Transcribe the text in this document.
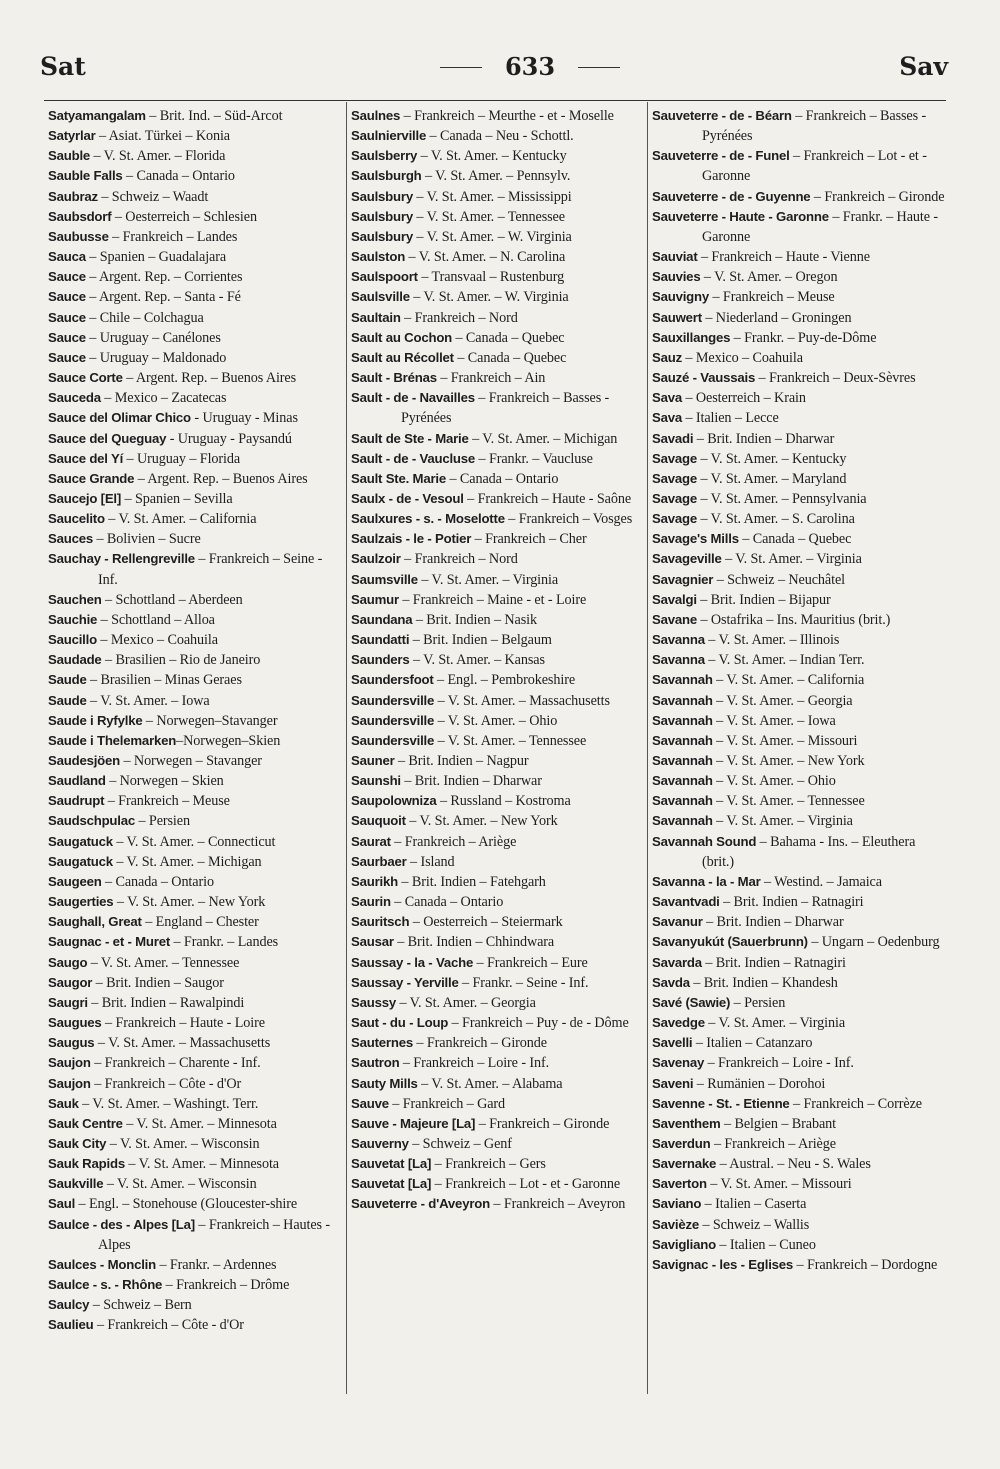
Sat	633	Sav
Satyamangalam – Brit. Ind. – Süd-Arcot
Satyrlar – Asiat. Türkei – Konia
Sauble – V. St. Amer. – Florida
Sauble Falls – Canada – Ontario
Saubraz – Schweiz – Waadt
Saubsdorf – Oesterreich – Schlesien
Saubusse – Frankreich – Landes
Sauca – Spanien – Guadalajara
Sauce – Argent. Rep. – Corrientes
Sauce – Argent. Rep. – Santa - Fé
Sauce – Chile – Colchagua
Sauce – Uruguay – Canélones
Sauce – Uruguay – Maldonado
Sauce Corte – Argent. Rep. – Buenos Aires
Sauceda – Mexico – Zacatecas
Sauce del Olimar Chico - Uruguay - Minas
Sauce del Queguay - Uruguay - Paysandú
Sauce del Yí – Uruguay – Florida
Sauce Grande – Argent. Rep. – Buenos Aires
Saucejo [El] – Spanien – Sevilla
Saucelito – V. St. Amer. – California
Sauces – Bolivien – Sucre
Sauchay - Rellengreville – Frankreich – Seine - Inf.
Sauchen – Schottland – Aberdeen
Sauchie – Schottland – Alloa
Saucillo – Mexico – Coahuila
Saudade – Brasilien – Rio de Janeiro
Saude – Brasilien – Minas Geraes
Saude – V. St. Amer. – Iowa
Saude i Ryfylke – Norwegen–Stavanger
Saude i Thelemarken–Norwegen–Skien
Saudesjöen – Norwegen – Stavanger
Saudland – Norwegen – Skien
Saudrupt – Frankreich – Meuse
Saudschpulac – Persien
Saugatuck – V. St. Amer. – Connecticut
Saugatuck – V. St. Amer. – Michigan
Saugeen – Canada – Ontario
Saugerties – V. St. Amer. – New York
Saughall, Great – England – Chester
Saugnac - et - Muret – Frankr. – Landes
Saugo – V. St. Amer. – Tennessee
Saugor – Brit. Indien – Saugor
Saugri – Brit. Indien – Rawalpindi
Saugues – Frankreich – Haute - Loire
Saugus – V. St. Amer. – Massachusetts
Saujon – Frankreich – Charente - Inf.
Saujon – Frankreich – Côte - d'Or
Sauk – V. St. Amer. – Washingt. Terr.
Sauk Centre – V. St. Amer. – Minnesota
Sauk City – V. St. Amer. – Wisconsin
Sauk Rapids – V. St. Amer. – Minnesota
Saukville – V. St. Amer. – Wisconsin
Saul – Engl. – Stonehouse (Gloucester-shire
Saulce - des - Alpes [La] – Frankreich – Hautes - Alpes
Saulces - Monclin – Frankr. – Ardennes
Saulce - s. - Rhône – Frankreich – Drôme
Saulcy – Schweiz – Bern
Saulieu – Frankreich – Côte - d'Or
Saulnes – Frankreich – Meurthe - et - Moselle
Saulnierville – Canada – Neu - Schottl.
Saulsberry – V. St. Amer. – Kentucky
Saulsburgh – V. St. Amer. – Pennsylv.
Saulsbury – V. St. Amer. – Mississippi
Saulsbury – V. St. Amer. – Tennessee
Saulsbury – V. St. Amer. – W. Virginia
Saulston – V. St. Amer. – N. Carolina
Saulspoort – Transvaal – Rustenburg
Saulsville – V. St. Amer. – W. Virginia
Saultain – Frankreich – Nord
Sault au Cochon – Canada – Quebec
Sault au Récollet – Canada – Quebec
Sault - Brénas – Frankreich – Ain
Sault - de - Navailles – Frankreich – Basses - Pyrénées
Sault de Ste - Marie – V. St. Amer. – Michigan
Sault - de - Vaucluse – Frankr. – Vaucluse
Sault Ste. Marie – Canada – Ontario
Saulx - de - Vesoul – Frankreich – Haute - Saône
Saulxures - s. - Moselotte – Frankreich – Vosges
Saulzais - le - Potier – Frankreich – Cher
Saulzoir – Frankreich – Nord
Saumsville – V. St. Amer. – Virginia
Saumur – Frankreich – Maine - et - Loire
Saundana – Brit. Indien – Nasik
Saundatti – Brit. Indien – Belgaum
Saunders – V. St. Amer. – Kansas
Saundersfoot – Engl. – Pembrokeshire
Saundersville – V. St. Amer. – Massachusetts
Saundersville – V. St. Amer. – Ohio
Saundersville – V. St. Amer. – Tennessee
Sauner – Brit. Indien – Nagpur
Saunshi – Brit. Indien – Dharwar
Saupolowniza – Russland – Kostroma
Sauquoit – V. St. Amer. – New York
Saurat – Frankreich – Ariège
Saurbaer – Island
Saurikh – Brit. Indien – Fatehgarh
Saurin – Canada – Ontario
Sauritsch – Oesterreich – Steiermark
Sausar – Brit. Indien – Chhindwara
Saussay - la - Vache – Frankreich – Eure
Saussay - Yerville – Frankr. – Seine - Inf.
Saussy – V. St. Amer. – Georgia
Saut - du - Loup – Frankreich – Puy - de - Dôme
Sauternes – Frankreich – Gironde
Sautron – Frankreich – Loire - Inf.
Sauty Mills – V. St. Amer. – Alabama
Sauve – Frankreich – Gard
Sauve - Majeure [La] – Frankreich – Gironde
Sauverny – Schweiz – Genf
Sauvetat [La] – Frankreich – Gers
Sauvetat [La] – Frankreich – Lot - et - Garonne
Sauveterre - d'Aveyron – Frankreich – Aveyron
Sauveterre - de - Béarn – Frankreich – Basses - Pyrénées
Sauveterre - de - Funel – Frankreich – Lot - et - Garonne
Sauveterre - de - Guyenne – Frankreich – Gironde
Sauveterre - Haute - Garonne – Frankr. – Haute - Garonne
Sauviat – Frankreich – Haute - Vienne
Sauvies – V. St. Amer. – Oregon
Sauvigny – Frankreich – Meuse
Sauwert – Niederland – Groningen
Sauxillanges – Frankr. – Puy-de-Dôme
Sauz – Mexico – Coahuila
Sauzé - Vaussais – Frankreich – Deux-Sèvres
Sava – Oesterreich – Krain
Sava – Italien – Lecce
Savadi – Brit. Indien – Dharwar
Savage – V. St. Amer. – Kentucky
Savage – V. St. Amer. – Maryland
Savage – V. St. Amer. – Pennsylvania
Savage – V. St. Amer. – S. Carolina
Savage's Mills – Canada – Quebec
Savageville – V. St. Amer. – Virginia
Savagnier – Schweiz – Neuchâtel
Savalgi – Brit. Indien – Bijapur
Savane – Ostafrika – Ins. Mauritius (brit.)
Savanna – V. St. Amer. – Illinois
Savanna – V. St. Amer. – Indian Terr.
Savannah – V. St. Amer. – California
Savannah – V. St. Amer. – Georgia
Savannah – V. St. Amer. – Iowa
Savannah – V. St. Amer. – Missouri
Savannah – V. St. Amer. – New York
Savannah – V. St. Amer. – Ohio
Savannah – V. St. Amer. – Tennessee
Savannah – V. St. Amer. – Virginia
Savannah Sound – Bahama - Ins. – Eleuthera (brit.)
Savanna - la - Mar – Westind. – Jamaica
Savantvadi – Brit. Indien – Ratnagiri
Savanur – Brit. Indien – Dharwar
Savanyukút (Sauerbrunn) – Ungarn – Oedenburg
Savarda – Brit. Indien – Ratnagiri
Savda – Brit. Indien – Khandesh
Savé (Sawie) – Persien
Savedge – V. St. Amer. – Virginia
Savelli – Italien – Catanzaro
Savenay – Frankreich – Loire - Inf.
Saveni – Rumänien – Dorohoi
Savenne - St. - Etienne – Frankreich – Corrèze
Saventhem – Belgien – Brabant
Saverdun – Frankreich – Ariège
Savernake – Austral. – Neu - S. Wales
Saverton – V. St. Amer. – Missouri
Saviano – Italien – Caserta
Savièze – Schweiz – Wallis
Savigliano – Italien – Cuneo
Savignac - les - Eglises – Frankreich – Dordogne
